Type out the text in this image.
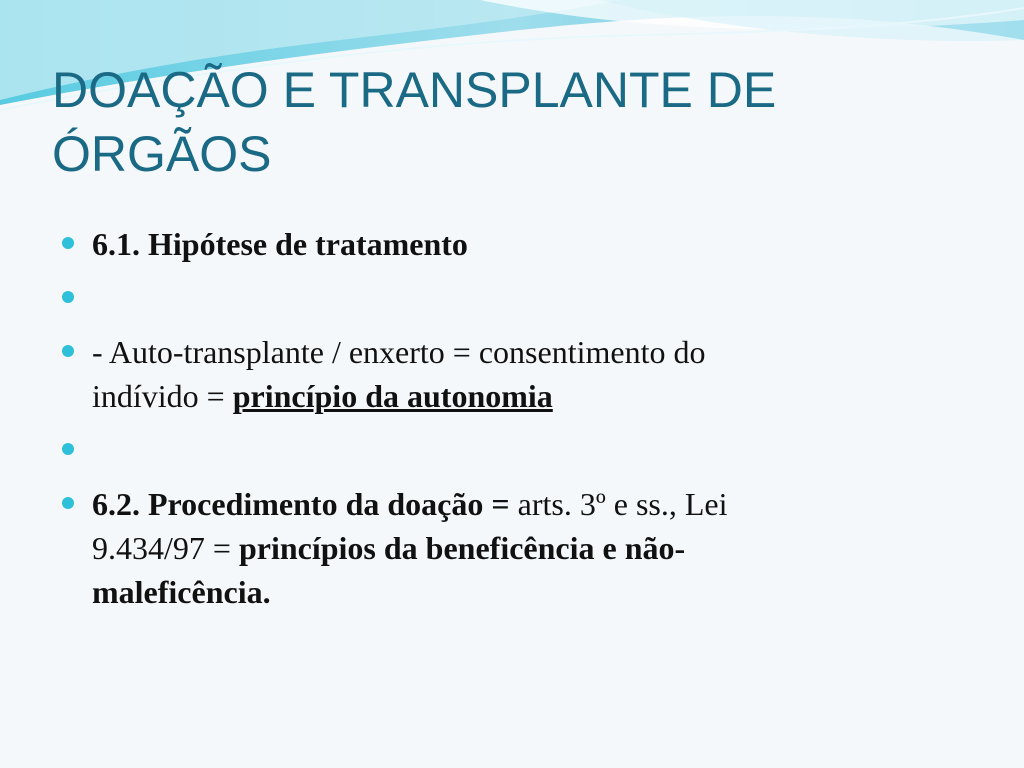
DOAÇÃO E TRANSPLANTE DE
ÓRGÃOS
6.1. Hipótese de tratamento
- Auto-transplante / enxerto = consentimento do
indívido = princípio da autonomia
6.2. Procedimento da doação = arts. 3º e ss., Lei
9.434/97 = princípios da beneficência e não-
maleficência.
